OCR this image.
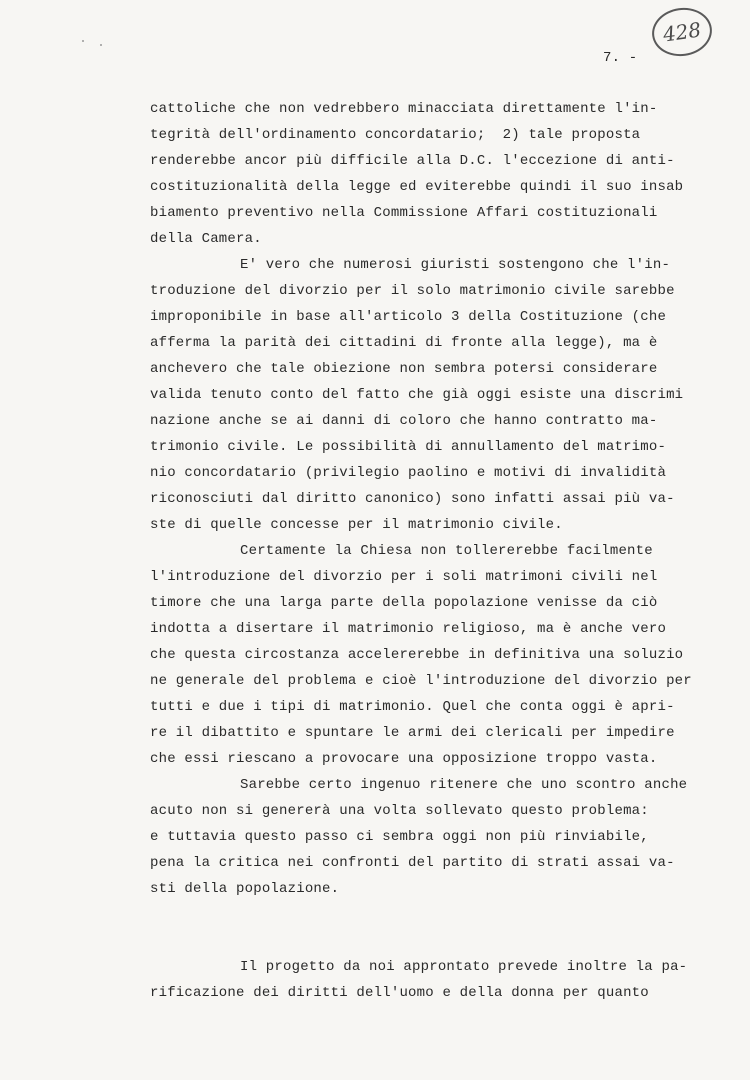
428
7. -
cattoliche che non vedrebbero minacciata direttamente l'in-
tegrità dell'ordinamento concordatario;  2) tale proposta
renderebbe ancor più difficile alla D.C. l'eccezione di anti-
costituzionalità della legge ed eviterebbe quindi il suo insab
biamento preventivo nella Commissione Affari costituzionali
della Camera.
E' vero che numerosi giuristi sostengono che l'in-
troduzione del divorzio per il solo matrimonio civile sarebbe
improponibile in base all'articolo 3 della Costituzione (che
afferma la parità dei cittadini di fronte alla legge), ma è
anchevero che tale obiezione non sembra potersi considerare
valida tenuto conto del fatto che già oggi esiste una discrimi
nazione anche se ai danni di coloro che hanno contratto ma-
trimonio civile. Le possibilità di annullamento del matrimo-
nio concordatario (privilegio paolino e motivi di invalidità
riconosciuti dal diritto canonico) sono infatti assai più va-
ste di quelle concesse per il matrimonio civile.
Certamente la Chiesa non tollererebbe facilmente
l'introduzione del divorzio per i soli matrimoni civili nel
timore che una larga parte della popolazione venisse da ciò
indotta a disertare il matrimonio religioso, ma è anche vero
che questa circostanza accelererebbe in definitiva una soluzio
ne generale del problema e cioè l'introduzione del divorzio per
tutti e due i tipi di matrimonio. Quel che conta oggi è apri-
re il dibattito e spuntare le armi dei clericali per impedire
che essi riescano a provocare una opposizione troppo vasta.
Sarebbe certo ingenuo ritenere che uno scontro anche
acuto non si genererà una volta sollevato questo problema:
e tuttavia questo passo ci sembra oggi non più rinviabile,
pena la critica nei confronti del partito di strati assai va-
sti della popolazione.
Il progetto da noi approntato prevede inoltre la pa-
rificazione dei diritti dell'uomo e della donna per quanto
